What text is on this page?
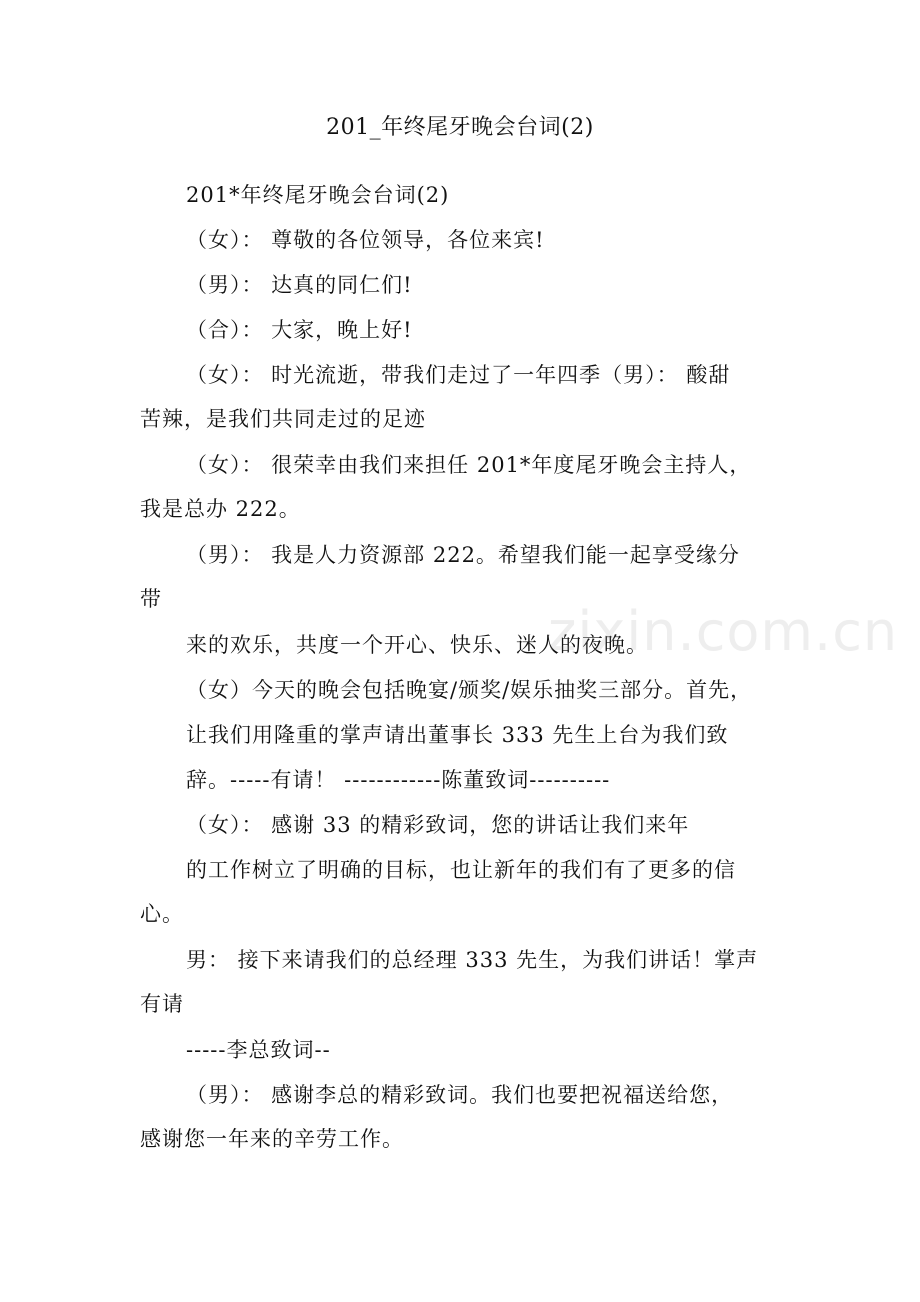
201_年终尾牙晚会台词(2)
201*年终尾牙晚会台词(2)
（女）： 尊敬的各位领导，各位来宾!
（男）： 达真的同仁们!
（合）： 大家，晚上好!
（女）： 时光流逝，带我们走过了一年四季（男）： 酸甜
苦辣，是我们共同走过的足迹
（女）： 很荣幸由我们来担任 201*年度尾牙晚会主持人，
我是总办 222。
（男）： 我是人力资源部 222。希望我们能一起享受缘分
带
来的欢乐，共度一个开心、快乐、迷人的夜晚。
（女）今天的晚会包括晚宴/颁奖/娱乐抽奖三部分。首先，
让我们用隆重的掌声请出董事长 333 先生上台为我们致
辞。-----有请！ ------------陈董致词----------
（女）： 感谢 33 的精彩致词，您的讲话让我们来年
的工作树立了明确的目标，也让新年的我们有了更多的信
心。
男： 接下来请我们的总经理 333 先生，为我们讲话！掌声
有请
-----李总致词--
（男）： 感谢李总的精彩致词。我们也要把祝福送给您，
感谢您一年来的辛劳工作。
zixin.com.cn
